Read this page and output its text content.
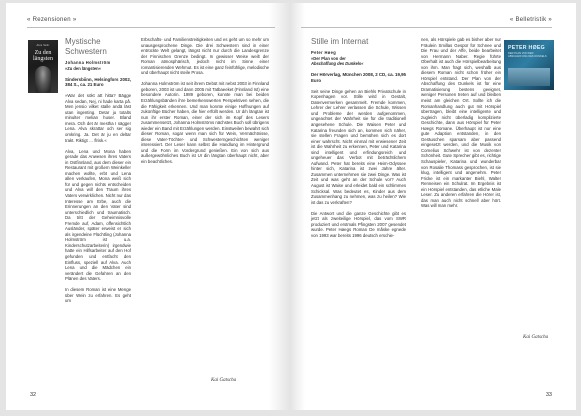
« Rezensionen »
Alva Sebr
Zu den längsten
Mystische Schwestern
Johanna Holmström
»Zu den längsten«
Sindersbiinn, Helsingfors 2002, 384 S., ca. 21 Euro

»War det sökt att hitta? Bägge Alva sedan, Nej, ni hade karta på. Men jensio vilket stalle andä läst utan ingenting. Detar ju totalts minulter melian huser. Bland mera. Och det är mestha I sägger Lena. Alva skrattar och ser sig omkring. Ja. Det är ju en deltar trakt. Riktigt … flrisk.«

Alva, Lena und Mona haben gerade das Anwesen ihres Vaters in Ostfinnland, aus dem dieser ein Restaurant mit großem Weinkeller machen wollte, erbt und Lena allen verkaufen, Mona weiß sich für und gegen nichts entscheiden und Alva will den Traum ihres Vaters verwirklichen. Nicht nur das Interesse am Erbe, auch die Erinnerungen an den Vater sind unterschiedlich und traumatisch. Da tritt der Geheimnisvolle Fremde auf, Adam, offensichtlich Ausländer, später erweist er sich als irgendeine Flüchtling (Johanna Holmström ist u.a. Kinderschutzarbeiterin) irgendwie hatte ein Hilfsarbeiter auf den Hof gefunden und entfacht den Einfluss, speziell auf Alva. Auch Lena und die Mädchen ein verändert die Gefahren an den Plänen des Vaters.

In diesem Roman ist eine Menge über Wein zu erfahren. Es geht um

Erbschafts- und Familienstreitigkeiten und es geht um so mehr um unausgesprochene Dinge. Die drei Schwestern sind in einer entrückte Welt gelangt, längst nicht nur durch die Landesgrenze der Finnischen Grenze bedingt. In gewisser Weise weilt der Roman atmosphärisch, jedoch nicht im Sinne einer romantisierenden Wehmut. Es ist eine ganz feinfühlige, melodische und überhaupt nicht steile Prosa.

Johanna Holmström ist seit ihrem Debüt mit nebst 2003 in Finnland geboren, 2003 ist und dann 2005 mit Tatbaeeket (Finnland Ist) eine besondere Autorin. 1989 geboren, konnte man bei beiden Erzählungsbänden ihre bemerkenswerten Perspektiven sehen, die die Fähigkeit erkennen. Und man konnte einige Hoffnungen auf zukünftige Bücher haben, die hier erfüllt werden. Ur d/n längtan ist nun ihr erster Roman, einer der sich im Kopf des Lesers zusammensetzt, Johanna Holmströms nächstes Buch soll übrigens wieder ein Band mit Erzählungen werden. Einstweilen bewahrt sich dieser Roman, sogar wenn man sich für Wein, Vermächtnisse, diese Vater-Töchter- und Schwesterngeschichten weniger interessiert. Der Leser kann selbst die Handlung im Hintergrund und die Form im Vordergrund genießen. Ein von sich aus außergewöhnliches Buch ist Ur din längtan überhaupt nicht, aber ein beachtliches.

Kai Gatscha
32
« Belletristik »
Stille im Internat
Peter Høeg
»Der Plan von der
Abschaffung des Dunkels«
Der Hörverlag, München 2008, 2 CD, ca. 19,95 Euro

Seit seine Dinge gehen an Biehls Privatschule in Kopenhagen vor. Stille wird in Gestalt, Datenvermerken gesammelt. Fremde kommen, Lehrer der Lehrer verlassen die Schule, Wissen und Probleme der werden aufgenommen, ungeachtet der Wahrheit sie für die traditionell angesehene Schule. Die Waisen Peter und Katarina freunden sich an, kommen sich näher, sie stellen Fragen und bemühen sich es dort einer wahrscht. Nicht einmal mit erwiesener Zeit ist die Wahrheit zu erkennen, Peter und Katarina sind intelligent und erfindungsreich und ungeheuer das Verbot mit beträchtlichem Aufwand. Peter hat bereits eine Heim-Odyssee hinter sich, Katarina ist zwei Jahre älter. Zusammen unternehmen sie zwei Dinge. Was ist Zeit und was geht an der Schule vor? Auch August ist Waise und erleidet bald ein schlimmes Schicksal. Was bedeutet es, Kinder aus dem Zusammenhang zu nehmen, was zu heilen? Wie ist das zu verkraften?

Die Antwort und die ganze Geschichte gibt es jetzt als zweiteilige Hörspiel, das vom SWR produziert und erstmals Pfingsten 2007 gesendet wurde. Peter Høegs Roman De måske egnede von 1993 war bereits 1996 deutsch erschie-

PETER HØEG
DER PLAN VON DER ABSCHAFFUNG DES DUNKELS

nen, als Hörspiele gab es bisher aber nur Fräulein Smillas Gespür für Schnee und Die Frau und der Affe, beide bearbeitet von Hermann Naber. Regie führte Oberhalt ist auch die Hörspielbearbeitung von ihm. Man fragt sich, weshalb aus diesem Roman nicht schon früher ein Hörspiel entstand. Der Plan von der Abschaffung des Dunkels ist für eine Dramatisierung bestens geeignet, weniger Personen treten auf und bleiben meist am gleichen Ort. Sollte ich die Romanhandlung auch gut mit Hörspiel übertragen, bleibt eine intelligente und zugleich nicht überladig komplizierte Geschichte, dann aus Hörspiel für Peter Høegs Romane. Überhaupt ist nur eine gute Adaption entstanden, in den Geräuschen sparsam aber passend eingesetzt werden, und die Musik von Cornelius Schwehr ist von dezenter Schönheit. Gute Sprecher gibt es, richtige Schauspieler, Katarina und wunderbar von Rosalie Thomass gesprochen, ist sie klug, intelligent und angenehm. Peter Fricke ist ein markanter Biehl, Walter Renneisen ein Schulrat. Im Ergebnis ist ein Hörspiel entstanden, das etliche Male Leser. Zu anderen erfahren die Hörer ist, das man auch nicht schnell aber hört. Was will man mehr.

Kai Gatscha
33
